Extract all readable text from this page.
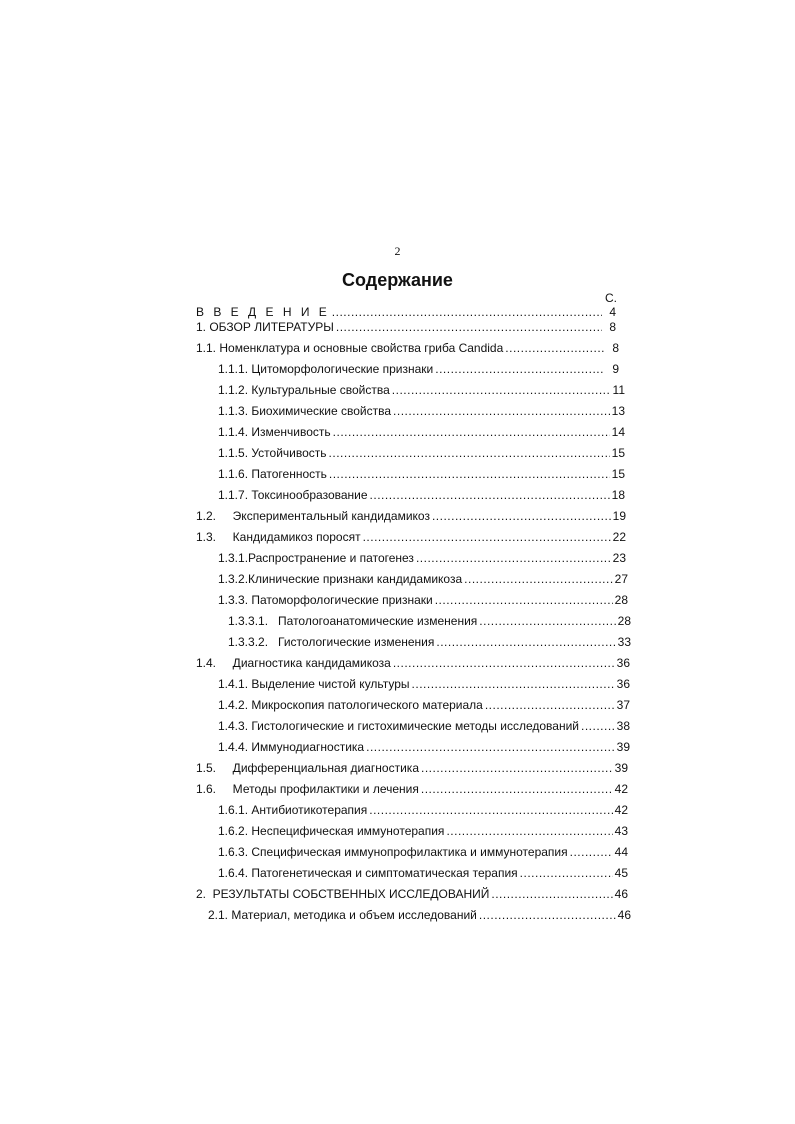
2
Содержание
С.
В В Е Д Е Н И Е .....	4
1. ОБЗОР ЛИТЕРАТУРЫ .....	8
1.1. Номенклатура и основные свойства гриба Candida .....	8
1.1.1. Цитоморфологические признаки .....	9
1.1.2. Культуральные свойства .....	11
1.1.3. Биохимические свойства .....	13
1.1.4. Изменчивость .....	14
1.1.5. Устойчивость .....	15
1.1.6. Патогенность .....	15
1.1.7. Токсинообразование .....	18
1.2.     Экспериментальный кандидамикоз .....	19
1.3.     Кандидамикоз поросят .....	22
1.3.1.Распространение и патогенез .....	23
1.3.2.Клинические признаки кандидамикоза .....	27
1.3.3. Патоморфологические признаки .....	28
1.3.3.1.   Патологоанатомические изменения .....	28
1.3.3.2.   Гистологические изменения .....	33
1.4.     Диагностика кандидамикоза .....	36
1.4.1. Выделение чистой культуры .....	36
1.4.2. Микроскопия патологического материала .....	37
1.4.3. Гистологические и гистохимические методы исследований .....	38
1.4.4. Иммунодиагностика .....	39
1.5.     Дифференциальная диагностика .....	39
1.6.     Методы профилактики и лечения .....	42
1.6.1. Антибиотикотерапия .....	42
1.6.2. Неспецифическая иммунотерапия .....	43
1.6.3. Специфическая иммунопрофилактика и иммунотерапия .....	44
1.6.4. Патогенетическая и симптоматическая терапия .....	45
2.  РЕЗУЛЬТАТЫ СОБСТВЕННЫХ ИССЛЕДОВАНИЙ .....	46
2.1. Материал, методика и объем исследований .....	46
